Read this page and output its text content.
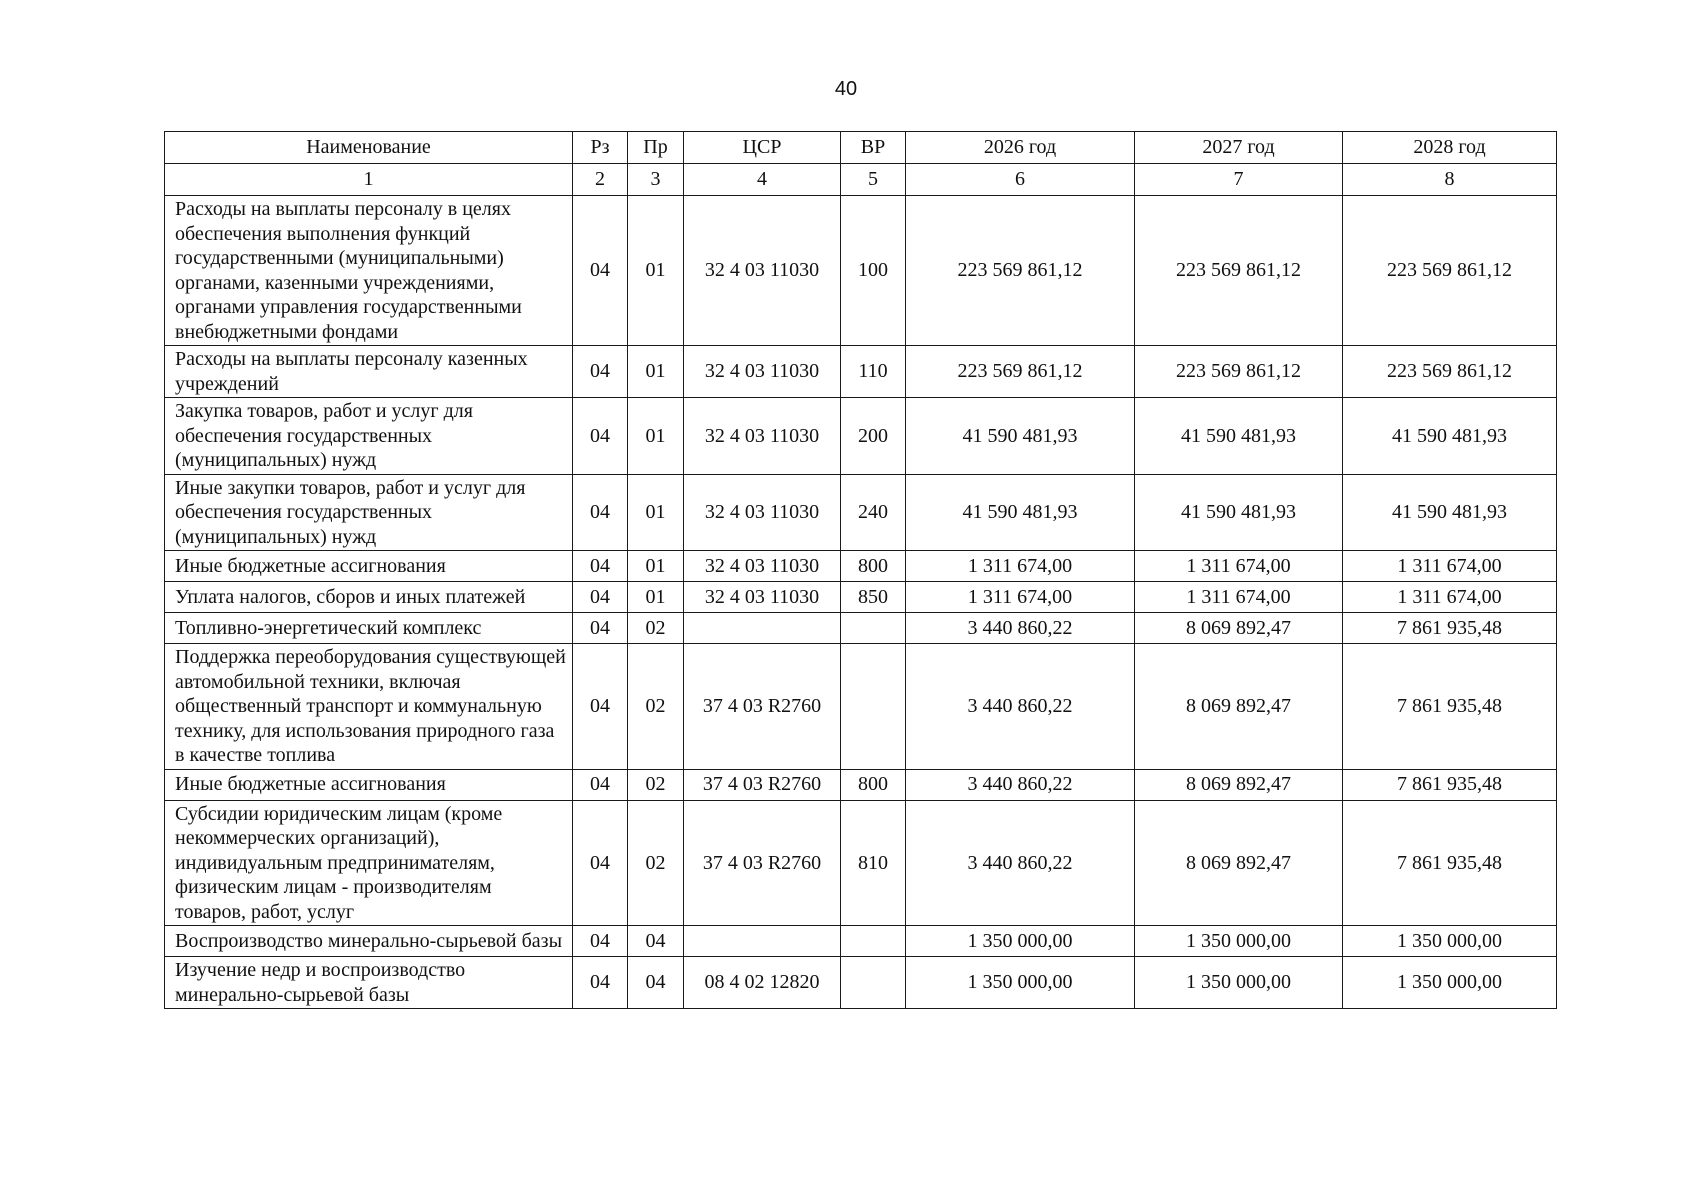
40
Наименование	Рз	Пр	ЦСР	ВР	2026 год	2027 год	2028 год
1	2	3	4	5	6	7	8
Расходы на выплаты персоналу в целях обеспечения выполнения функций государственными (муниципальными) органами, казенными учреждениями, органами управления государственными внебюджетными фондами	04	01	32 4 03 11030	100	223 569 861,12	223 569 861,12	223 569 861,12
Расходы на выплаты персоналу казенных учреждений	04	01	32 4 03 11030	110	223 569 861,12	223 569 861,12	223 569 861,12
Закупка товаров, работ и услуг для обеспечения государственных (муниципальных) нужд	04	01	32 4 03 11030	200	41 590 481,93	41 590 481,93	41 590 481,93
Иные закупки товаров, работ и услуг для обеспечения государственных (муниципальных) нужд	04	01	32 4 03 11030	240	41 590 481,93	41 590 481,93	41 590 481,93
Иные бюджетные ассигнования	04	01	32 4 03 11030	800	1 311 674,00	1 311 674,00	1 311 674,00
Уплата налогов, сборов и иных платежей	04	01	32 4 03 11030	850	1 311 674,00	1 311 674,00	1 311 674,00
Топливно-энергетический комплекс	04	02			3 440 860,22	8 069 892,47	7 861 935,48
Поддержка переоборудования существующей автомобильной техники, включая общественный транспорт и коммунальную технику, для использования природного газа в качестве топлива	04	02	37 4 03 R2760		3 440 860,22	8 069 892,47	7 861 935,48
Иные бюджетные ассигнования	04	02	37 4 03 R2760	800	3 440 860,22	8 069 892,47	7 861 935,48
Субсидии юридическим лицам (кроме некоммерческих организаций), индивидуальным предпринимателям, физическим лицам - производителям товаров, работ, услуг	04	02	37 4 03 R2760	810	3 440 860,22	8 069 892,47	7 861 935,48
Воспроизводство минерально-сырьевой базы	04	04			1 350 000,00	1 350 000,00	1 350 000,00
Изучение недр и воспроизводство минерально-сырьевой базы	04	04	08 4 02 12820		1 350 000,00	1 350 000,00	1 350 000,00
